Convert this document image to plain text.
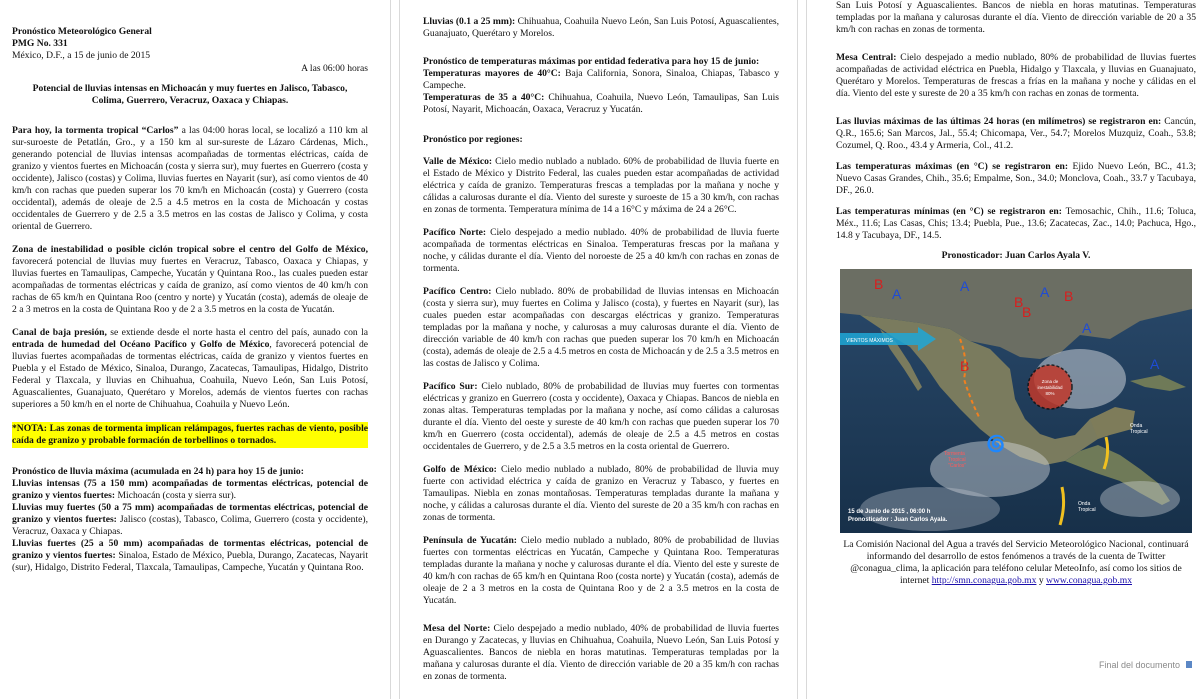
Pronóstico Meteorológico General

PMG No. 331

México, D.F., a 15 de junio de 2015

A las 06:00 horas

Potencial de lluvias intensas en Michoacán y muy fuertes en Jalisco, Tabasco, Colima, Guerrero, Veracruz, Oaxaca y Chiapas.

Para hoy, la tormenta tropical “Carlos” a las 04:00 horas local, se localizó a 110 km al sur-suroeste de Petatlán, Gro., y a 150 km al sur-sureste de Lázaro Cárdenas, Mich., generando potencial de lluvias intensas acompañadas de tormentas eléctricas, caída de granizo y vientos fuertes en Michoacán (costa y sierra sur), muy fuertes en Guerrero (costa y occidente), Jalisco (costas) y Colima, lluvias fuertes en Nayarit (sur), así como vientos de 40 km/h con rachas que pueden superar los 70 km/h en Michoacán (costa) y Guerrero (costa occidental), además de oleaje de 2.5 a 4.5 metros en la costa de Michoacán y costas occidentales de Guerrero y de 2.5 a 3.5 metros en las costas de Jalisco y Colima, y costa oriental de Guerrero.

Zona de inestabilidad o posible ciclón tropical sobre el centro del Golfo de México, favorecerá potencial de lluvias muy fuertes en Veracruz, Tabasco, Oaxaca y Chiapas, y lluvias fuertes en Tamaulipas, Campeche, Yucatán y Quintana Roo., las cuales pueden estar acompañadas de tormentas eléctricas y caída de granizo, así como vientos de 40 km/h con rachas de 65 km/h en Quintana Roo (centro y norte) y Yucatán (costa), además de oleaje de 2 a 3 metros en la costa de Quintana Roo y de 2 a 3.5 metros en la costa de Yucatán.

Canal de baja presión, se extiende desde el norte hasta el centro del país, aunado con la entrada de humedad del Océano Pacífico y Golfo de México, favorecerá potencial de lluvias fuertes acompañadas de tormentas eléctricas, caída de granizo y vientos fuertes en Puebla y el Estado de México, Sinaloa, Durango, Zacatecas, Tamaulipas, Hidalgo, Distrito Federal y Tlaxcala, y lluvias en Chihuahua, Coahuila, Nuevo León, San Luis Potosí, Aguascalientes, Guanajuato, Querétaro y Morelos, además de vientos fuertes con rachas superiores a 50 km/h en el norte de Chihuahua, Coahuila y Nuevo León.

*NOTA: Las zonas de tormenta implican relámpagos, fuertes rachas de viento, posible caída de granizo y probable formación de torbellinos o tornados.

Pronóstico de lluvia máxima (acumulada en 24 h) para hoy 15 de junio:

Lluvias intensas (75 a 150 mm) acompañadas de tormentas eléctricas, potencial de granizo y vientos fuertes: Michoacán (costa y sierra sur).

Lluvias muy fuertes (50 a 75 mm) acompañadas de tormentas eléctricas, potencial de granizo y vientos fuertes: Jalisco (costas), Tabasco, Colima, Guerrero (costa y occidente), Veracruz, Oaxaca y Chiapas.

Lluvias fuertes (25 a 50 mm) acompañadas de tormentas eléctricas, potencial de granizo y vientos fuertes: Sinaloa, Estado de México, Puebla, Durango, Zacatecas, Nayarit (sur), Hidalgo, Distrito Federal, Tlaxcala, Tamaulipas, Campeche, Yucatán y Quintana Roo.

Lluvias (0.1 a 25 mm): Chihuahua, Coahuila Nuevo León, San Luis Potosí, Aguascalientes, Guanajuato, Querétaro y Morelos.

Pronóstico de temperaturas máximas por entidad federativa para hoy 15 de junio:

Temperaturas mayores de 40°C: Baja California, Sonora, Sinaloa, Chiapas, Tabasco y Campeche.

Temperaturas de 35 a 40°C: Chihuahua, Coahuila, Nuevo León, Tamaulipas, San Luis Potosí, Nayarit, Michoacán, Oaxaca, Veracruz y Yucatán.

Pronóstico por regiones:

Valle de México: Cielo medio nublado a nublado. 60% de probabilidad de lluvia fuerte en el Estado de México y Distrito Federal, las cuales pueden estar acompañadas de actividad eléctrica y caída de granizo. Temperaturas frescas a templadas por la mañana y noche y cálidas a calurosas durante el día. Viento del sureste y suroeste de 15 a 30 km/h, con rachas en zonas de tormenta. Temperatura mínima de 14 a 16°C y máxima de 24 a 26°C.

Pacífico Norte: Cielo despejado a medio nublado. 40% de probabilidad de lluvia fuerte acompañada de tormentas eléctricas en Sinaloa. Temperaturas frescas por la mañana y noche, y cálidas durante el día. Viento del noroeste de 25 a 40 km/h con rachas en zonas de tormenta.

Pacífico Centro: Cielo nublado. 80% de probabilidad de lluvias intensas en Michoacán (costa y sierra sur), muy fuertes en Colima y Jalisco (costa), y fuertes en Nayarit (sur), las cuales pueden estar acompañadas con descargas eléctricas y granizo. Temperaturas templadas por la mañana y noche, y calurosas a muy calurosas durante el día. Viento de dirección variable de 40 km/h con rachas que pueden superar los 70 km/h en Michoacán (costa), además de oleaje de 2.5 a 4.5 metros en costa de Michoacán y de 2.5 a 3.5 metros en las costas de Jalisco y Colima.

Pacífico Sur: Cielo nublado, 80% de probabilidad de lluvias muy fuertes con tormentas eléctricas y granizo en Guerrero (costa y occidente), Oaxaca y Chiapas. Bancos de niebla en zonas altas. Temperaturas templadas por la mañana y noche, así como cálidas a calurosas durante el día. Viento del oeste y sureste de 40 km/h con rachas que pueden superar los 70 km/h en Guerrero (costa occidental), además de oleaje de 2.5 a 4.5 metros en costas occidentales de Guerrero, y de 2.5 a 3.5 metros en la costa oriental de Guerrero.

Golfo de México: Cielo medio nublado a nublado, 80% de probabilidad de lluvia muy fuerte con actividad eléctrica y caída de granizo en Veracruz y Tabasco, y fuertes en Tamaulipas. Niebla en zonas montañosas. Temperaturas templadas durante la mañana y noche, y cálidas a calurosas durante el día. Viento del sureste de 20 a 35 km/h con rachas en zonas de tormenta.

Península de Yucatán: Cielo medio nublado a nublado, 80% de probabilidad de lluvias fuertes con tormentas eléctricas en Yucatán, Campeche y Quintana Roo. Temperaturas templadas durante la mañana y noche y calurosas durante el día. Viento del este y sureste de 40 km/h con rachas de 65 km/h en Quintana Roo (costa norte) y Yucatán (costa), además de oleaje de 2 a 3 metros en la costa de Quintana Roo y de 2 a 3.5 metros en la costa de Yucatán.

Mesa del Norte: Cielo despejado a medio nublado, 40% de probabilidad de lluvia fuertes en Durango y Zacatecas, y lluvias en Chihuahua, Coahuila, Nuevo León, San Luis Potosí y Aguascalientes. Bancos de niebla en horas matutinas. Temperaturas templadas por la mañana y calurosas durante el día. Viento de dirección variable de 20 a 35 km/h con rachas en zonas de tormenta.

San Luis Potosí y Aguascalientes. Bancos de niebla en horas matutinas. Temperaturas templadas por la mañana y calurosas durante el día. Viento de dirección variable de 20 a 35 km/h con rachas en zonas de tormenta.

Mesa Central: Cielo despejado a medio nublado, 80% de probabilidad de lluvias fuertes acompañadas de actividad eléctrica en Puebla, Hidalgo y Tlaxcala, y lluvias en Guanajuato, Querétaro y Morelos. Temperaturas de frescas a frías en la mañana y noche y cálidas en el día. Viento del este y sureste de 20 a 35 km/h con rachas en zonas de tormenta.

Las lluvias máximas de las últimas 24 horas (en milímetros) se registraron en: Cancún, Q.R., 165.6; San Marcos, Jal., 55.4; Chicomapa, Ver., 54.7; Morelos Muzquiz, Coah., 53.8; Cozumel, Q. Roo., 43.4 y Armeria, Col., 41.2.

Las temperaturas máximas (en °C) se registraron en: Ejido Nuevo León, BC., 41.3; Nuevo Casas Grandes, Chih., 35.6; Empalme, Son., 34.0; Monclova, Coah., 33.7 y Tacubaya, DF., 26.0.

Las temperaturas mínimas (en °C) se registraron en: Temosachic, Chih., 11.6; Toluca, Méx., 11.6; Las Casas, Chis; 13.4; Puebla, Pue., 13.6; Zacatecas, Zac., 14.0; Pachuca, Hgo., 14.8 y Tacubaya, DF., 14.5.

Pronosticador: Juan Carlos Ayala V.

VIENTOS MÁXIMOS
B
A	A
B
B
A
A
A
B
B
Zona de
inestabilidad
80%
🌀
Tormenta
Tropical
"Carlos"
Onda
Tropical
Onda
Tropical
15 de Junio de 2015 , 06:00 h
Pronosticador : Juan Carlos Ayala.

La Comisión Nacional del Agua a través del Servicio Meteorológico Nacional, continuará informando del desarrollo de estos fenómenos a través de la cuenta de Twitter @conagua_clima, la aplicación para teléfono celular MeteoInfo, así como los sitios de internet http://smn.conagua.gob.mx y www.conagua.gob.mx

Final del documento
